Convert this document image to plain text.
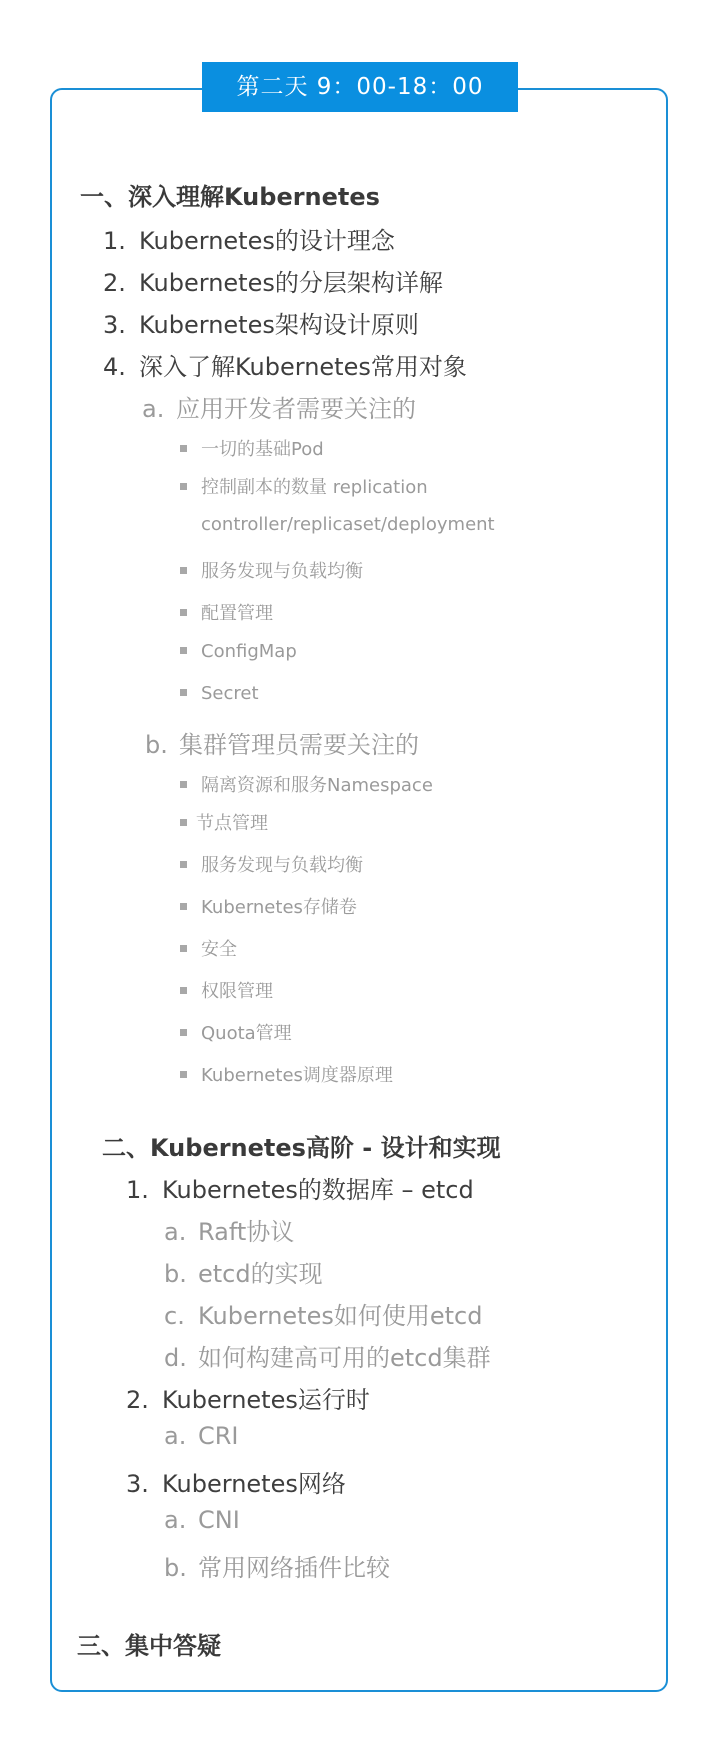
第二天 9：00-18：00
一、深入理解Kubernetes
1. Kubernetes的设计理念
2. Kubernetes的分层架构详解
3. Kubernetes架构设计原则
4. 深入了解Kubernetes常用对象
a. 应用开发者需要关注的
一切的基础Pod
控制副本的数量 replication
controller/replicaset/deployment
服务发现与负载均衡
配置管理
ConfigMap
Secret
b. 集群管理员需要关注的
隔离资源和服务Namespace
节点管理
服务发现与负载均衡
Kubernetes存储卷
安全
权限管理
Quota管理
Kubernetes调度器原理
二、Kubernetes高阶 - 设计和实现
1. Kubernetes的数据库 – etcd
a. Raft协议
b. etcd的实现
c. Kubernetes如何使用etcd
d. 如何构建高可用的etcd集群
2. Kubernetes运行时
a. CRI
3. Kubernetes网络
a. CNI
b. 常用网络插件比较
三、集中答疑
